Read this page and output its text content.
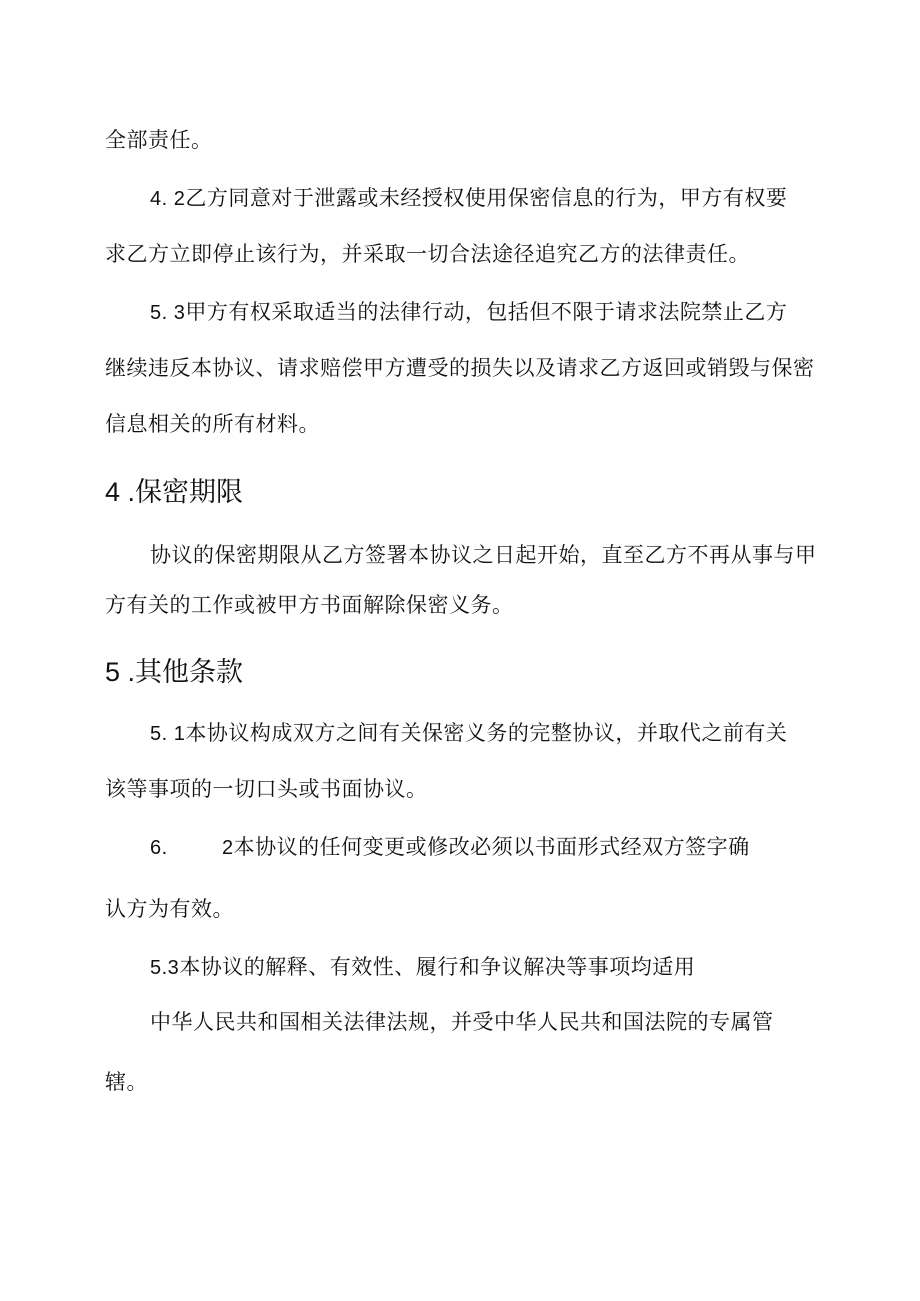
全部责任。
4. 2乙方同意对于泄露或未经授权使用保密信息的行为，甲方有权要
求乙方立即停止该行为，并采取一切合法途径追究乙方的法律责任。
5. 3甲方有权采取适当的法律行动，包括但不限于请求法院禁止乙方
继续违反本协议、请求赔偿甲方遭受的损失以及请求乙方返回或销毁与保密
信息相关的所有材料。
4 .保密期限
协议的保密期限从乙方签署本协议之日起开始，直至乙方不再从事与甲
方有关的工作或被甲方书面解除保密义务。
5 .其他条款
5. 1本协议构成双方之间有关保密义务的完整协议，并取代之前有关
该等事项的一切口头或书面协议。
6.	2本协议的任何变更或修改必须以书面形式经双方签字确
认方为有效。
5.3本协议的解释、有效性、履行和争议解决等事项均适用
中华人民共和国相关法律法规，并受中华人民共和国法院的专属管
辖。
